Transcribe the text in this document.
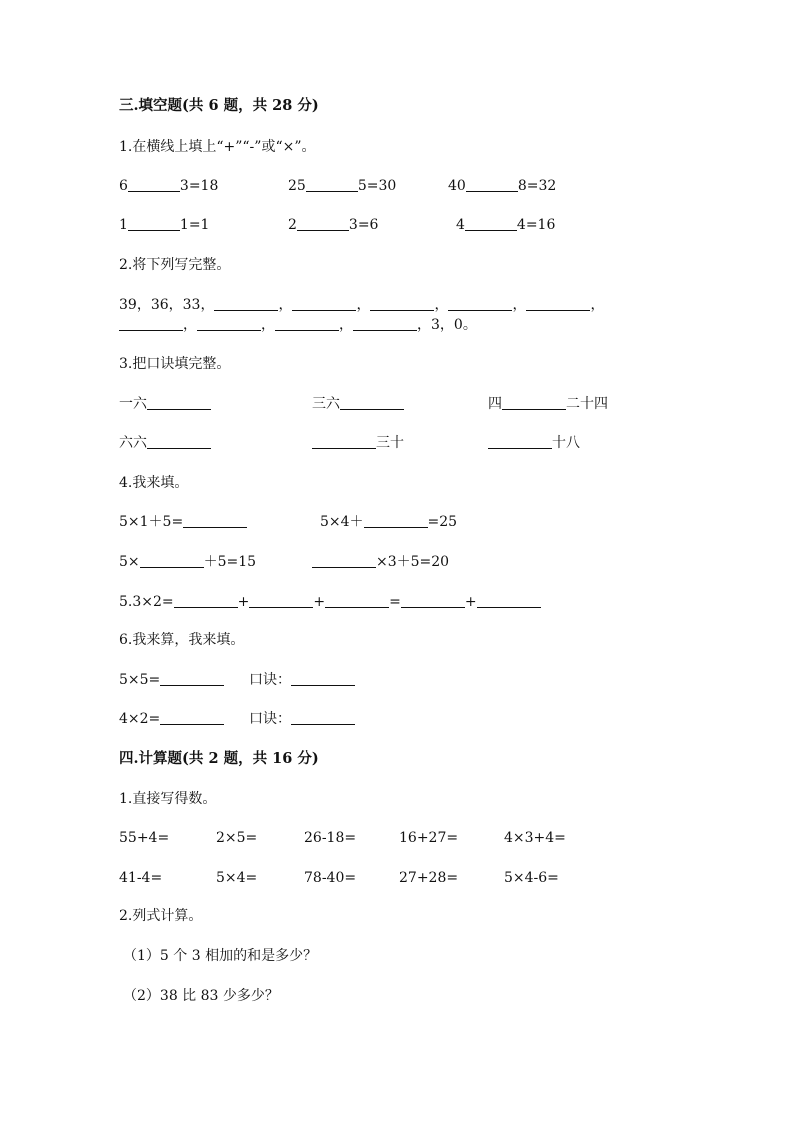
三.填空题(共 6 题，共 28 分)
1.在横线上填上“+”“-”或“×”。
6	3=18	25	5=30	40	8=32
1	1=1	2	3=6	4	4=16
2.将下列写完整。
39，36，33，	，	，	，	，	，
，	，	，	，3，0。
3.把口诀填完整。
一六	三六	四	二十四
六六	三十	十八
4.我来填。
5×1＋5=	5×4＋	=25
5×	＋5=15	×3＋5=20
5.3×2=	+	+	=	+
6.我来算，我来填。
5×5=	口诀：
4×2=	口诀：
四.计算题(共 2 题，共 16 分)
1.直接写得数。
55+4=	2×5=	26-18=	16+27=	4×3+4=
41-4=	5×4=	78-40=	27+28=	5×4-6=
2.列式计算。
（1）5 个 3 相加的和是多少？
（2）38 比 83 少多少？
